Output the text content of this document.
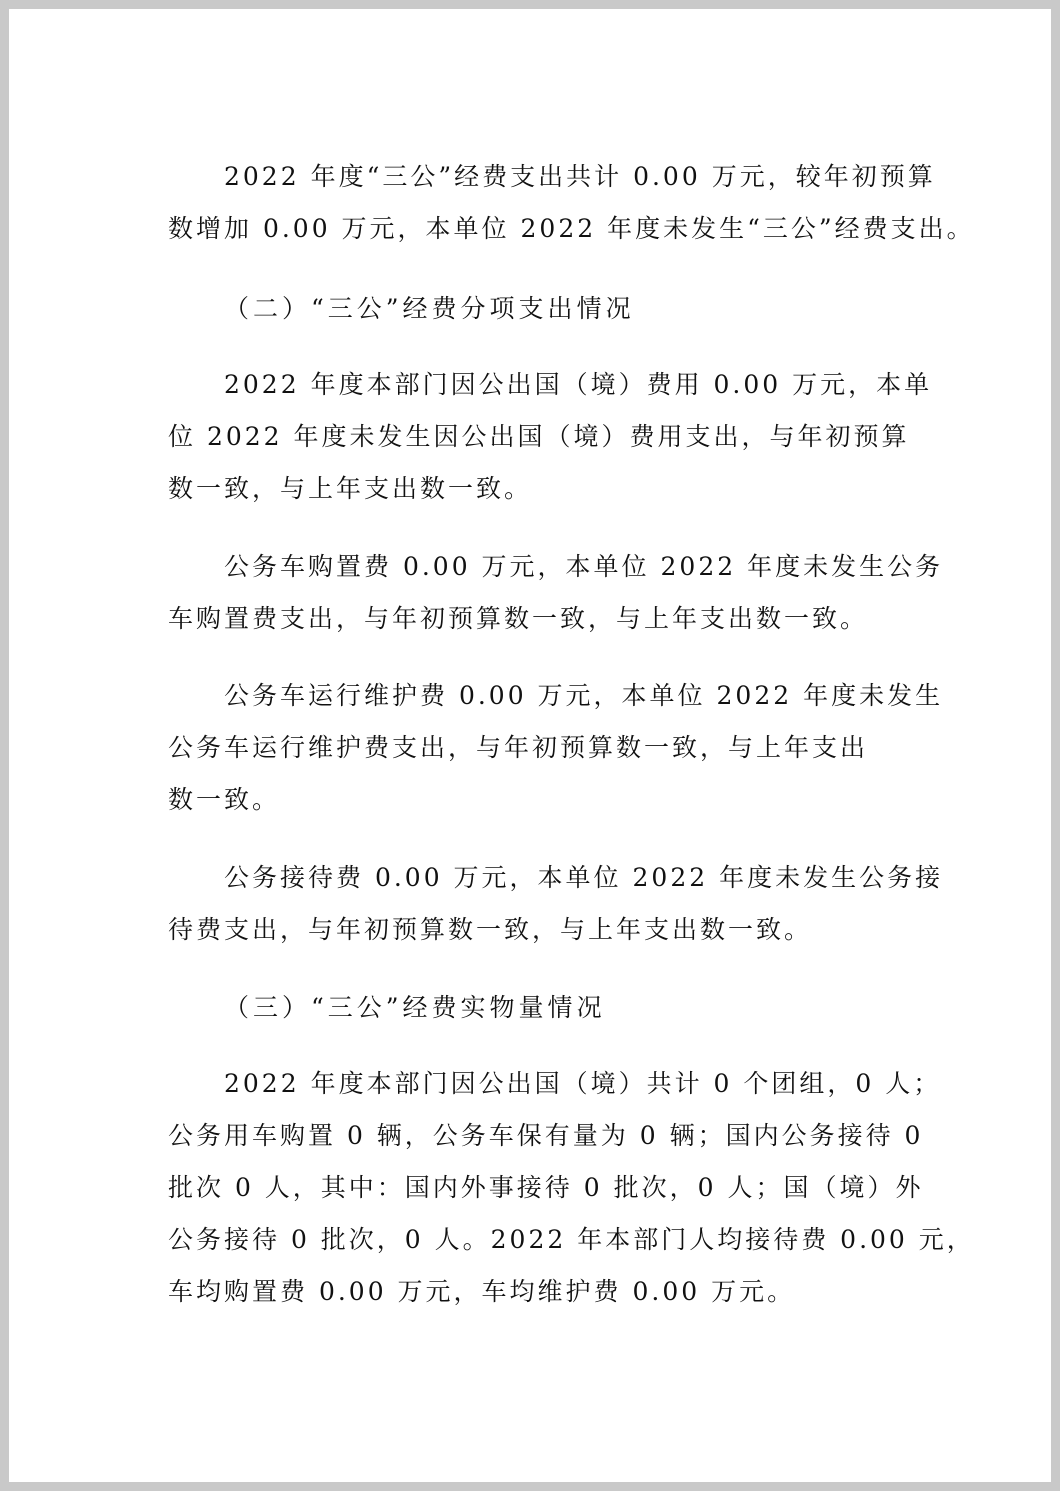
2022 年度“三公”经费支出共计 0.00 万元，较年初预算
数增加 0.00 万元，本单位 2022 年度未发生“三公”经费支出。
（二）“三公”经费分项支出情况
2022 年度本部门因公出国（境）费用 0.00 万元，本单
位 2022 年度未发生因公出国（境）费用支出，与年初预算
数一致，与上年支出数一致。
公务车购置费 0.00 万元，本单位 2022 年度未发生公务
车购置费支出，与年初预算数一致，与上年支出数一致。
公务车运行维护费 0.00 万元，本单位 2022 年度未发生
公务车运行维护费支出，与年初预算数一致，与上年支出
数一致。
公务接待费 0.00 万元，本单位 2022 年度未发生公务接
待费支出，与年初预算数一致，与上年支出数一致。
（三）“三公”经费实物量情况
2022 年度本部门因公出国（境）共计 0 个团组，0 人；
公务用车购置 0 辆，公务车保有量为 0 辆；国内公务接待 0
批次 0 人，其中：国内外事接待 0 批次，0 人；国（境）外
公务接待 0 批次，0 人。2022 年本部门人均接待费 0.00 元，
车均购置费 0.00 万元，车均维护费 0.00 万元。
